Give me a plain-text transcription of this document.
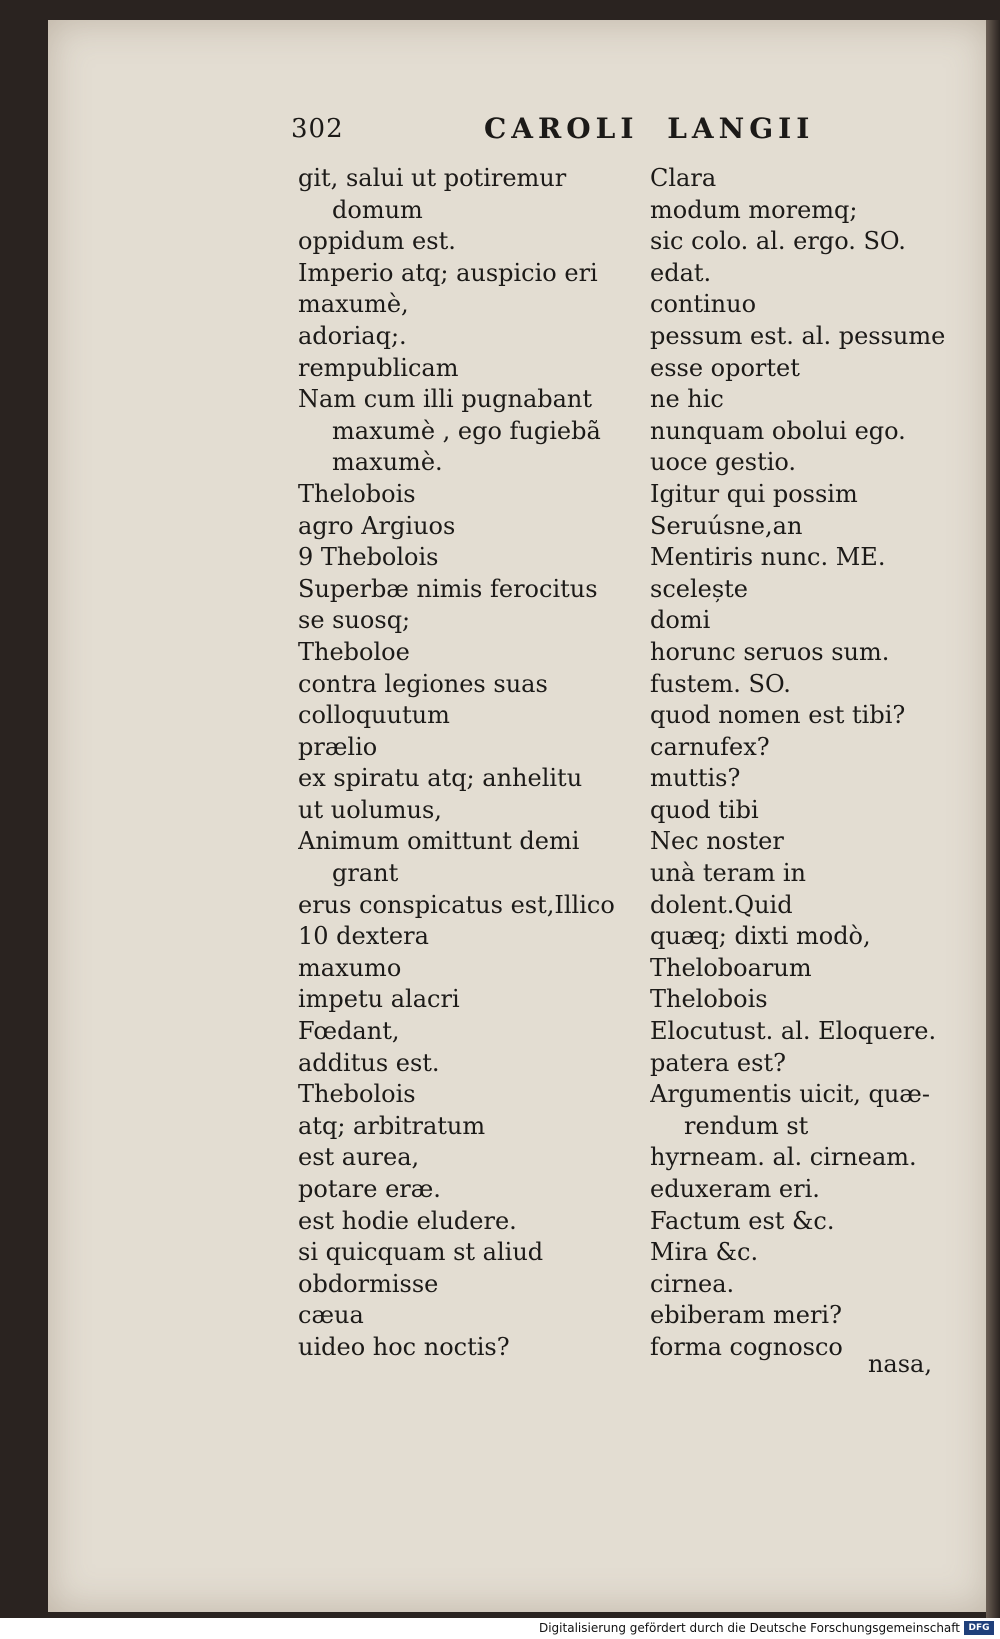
302	CAROLI LANGII
git, salui ut potiremur
domum
oppidum est.
Imperio atq; auspicio eri
maxumè,
adoriaq;.
rempublicam
Nam cum illi pugnabant
maxumè , ego fugiebã
maxumè.
Thelobois
agro Argiuos
9 Thebolois
Superbæ nimis ferocitus
se suosq;
Theboloe
contra legiones suas
colloquutum
prælio
ex spiratu atq; anhelitu
ut uolumus,
Animum omittunt demi
grant
erus conspicatus est,Illico
10 dextera
maxumo
impetu alacri
Fœdant,
additus est.
Thebolois
atq; arbitratum
est aurea,
potare eræ.
est hodie eludere.
si quicquam st aliud
obdormisse
cæua
uideo hoc noctis?
Clara
modum moremq;
sic colo. al. ergo. SO.
edat.
continuo
pessum est. al. pessume
esse oportet
ne hic
nunquam obolui ego.
uoce gestio.
Igitur qui possim
Seruúsne,an
Mentiris nunc. ME.
scelește
domi
horunc seruos sum.
fustem. SO.
quod nomen est tibi?
carnufex?
muttis?
quod tibi
Nec noster
unà teram in
dolent.Quid
quæq; dixti modò,
Theloboarum
Thelobois
Elocutust. al. Eloquere.
patera est?
Argumentis uicit, quæ-
rendum st
hyrneam. al. cirneam.
eduxeram eri.
Factum est &c.
Mira &c.
cirnea.
ebiberam meri?
forma cognosco
nasa,
Digitalisierung gefördert durch die Deutsche Forschungsgemeinschaft DFG
